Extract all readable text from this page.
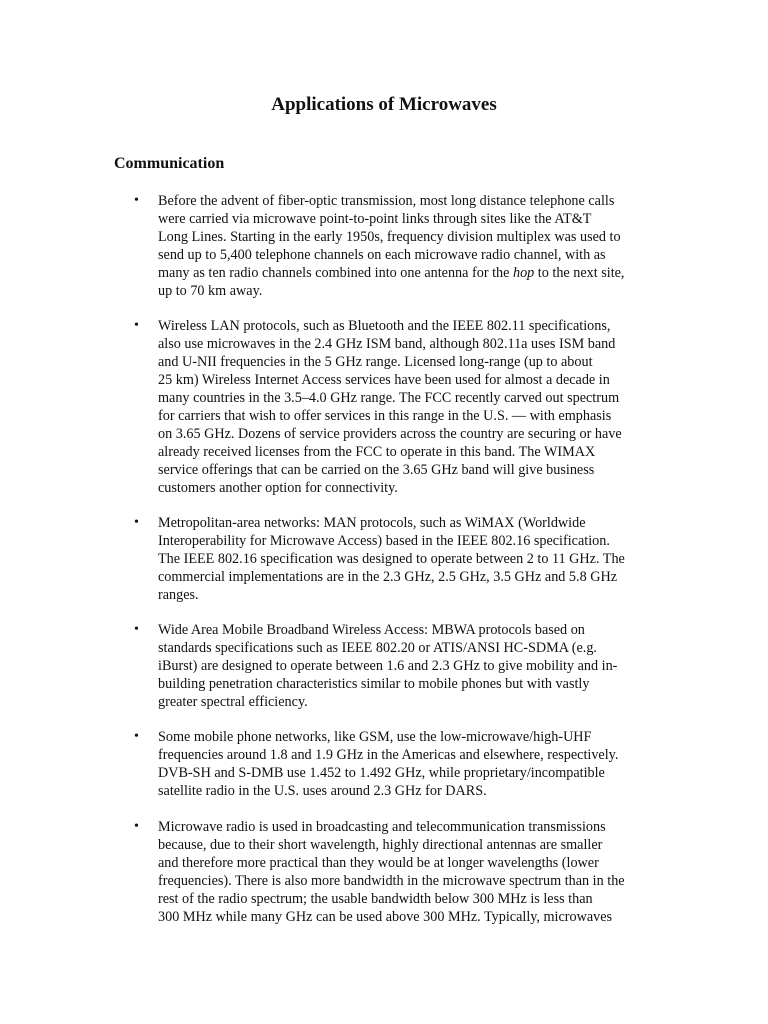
Applications of Microwaves
Communication
• Before the advent of fiber-optic transmission, most long distance telephone calls
were carried via microwave point-to-point links through sites like the AT&T
Long Lines. Starting in the early 1950s, frequency division multiplex was used to
send up to 5,400 telephone channels on each microwave radio channel, with as
many as ten radio channels combined into one antenna for the hop to the next site,
up to 70 km away.
• Wireless LAN protocols, such as Bluetooth and the IEEE 802.11 specifications,
also use microwaves in the 2.4 GHz ISM band, although 802.11a uses ISM band
and U-NII frequencies in the 5 GHz range. Licensed long-range (up to about
25 km) Wireless Internet Access services have been used for almost a decade in
many countries in the 3.5–4.0 GHz range. The FCC recently carved out spectrum
for carriers that wish to offer services in this range in the U.S. — with emphasis
on 3.65 GHz. Dozens of service providers across the country are securing or have
already received licenses from the FCC to operate in this band. The WIMAX
service offerings that can be carried on the 3.65 GHz band will give business
customers another option for connectivity.
• Metropolitan-area networks: MAN protocols, such as WiMAX (Worldwide
Interoperability for Microwave Access) based in the IEEE 802.16 specification.
The IEEE 802.16 specification was designed to operate between 2 to 11 GHz. The
commercial implementations are in the 2.3 GHz, 2.5 GHz, 3.5 GHz and 5.8 GHz
ranges.
• Wide Area Mobile Broadband Wireless Access: MBWA protocols based on
standards specifications such as IEEE 802.20 or ATIS/ANSI HC-SDMA (e.g.
iBurst) are designed to operate between 1.6 and 2.3 GHz to give mobility and in-
building penetration characteristics similar to mobile phones but with vastly
greater spectral efficiency.
• Some mobile phone networks, like GSM, use the low-microwave/high-UHF
frequencies around 1.8 and 1.9 GHz in the Americas and elsewhere, respectively.
DVB-SH and S-DMB use 1.452 to 1.492 GHz, while proprietary/incompatible
satellite radio in the U.S. uses around 2.3 GHz for DARS.
• Microwave radio is used in broadcasting and telecommunication transmissions
because, due to their short wavelength, highly directional antennas are smaller
and therefore more practical than they would be at longer wavelengths (lower
frequencies). There is also more bandwidth in the microwave spectrum than in the
rest of the radio spectrum; the usable bandwidth below 300 MHz is less than
300 MHz while many GHz can be used above 300 MHz. Typically, microwaves
